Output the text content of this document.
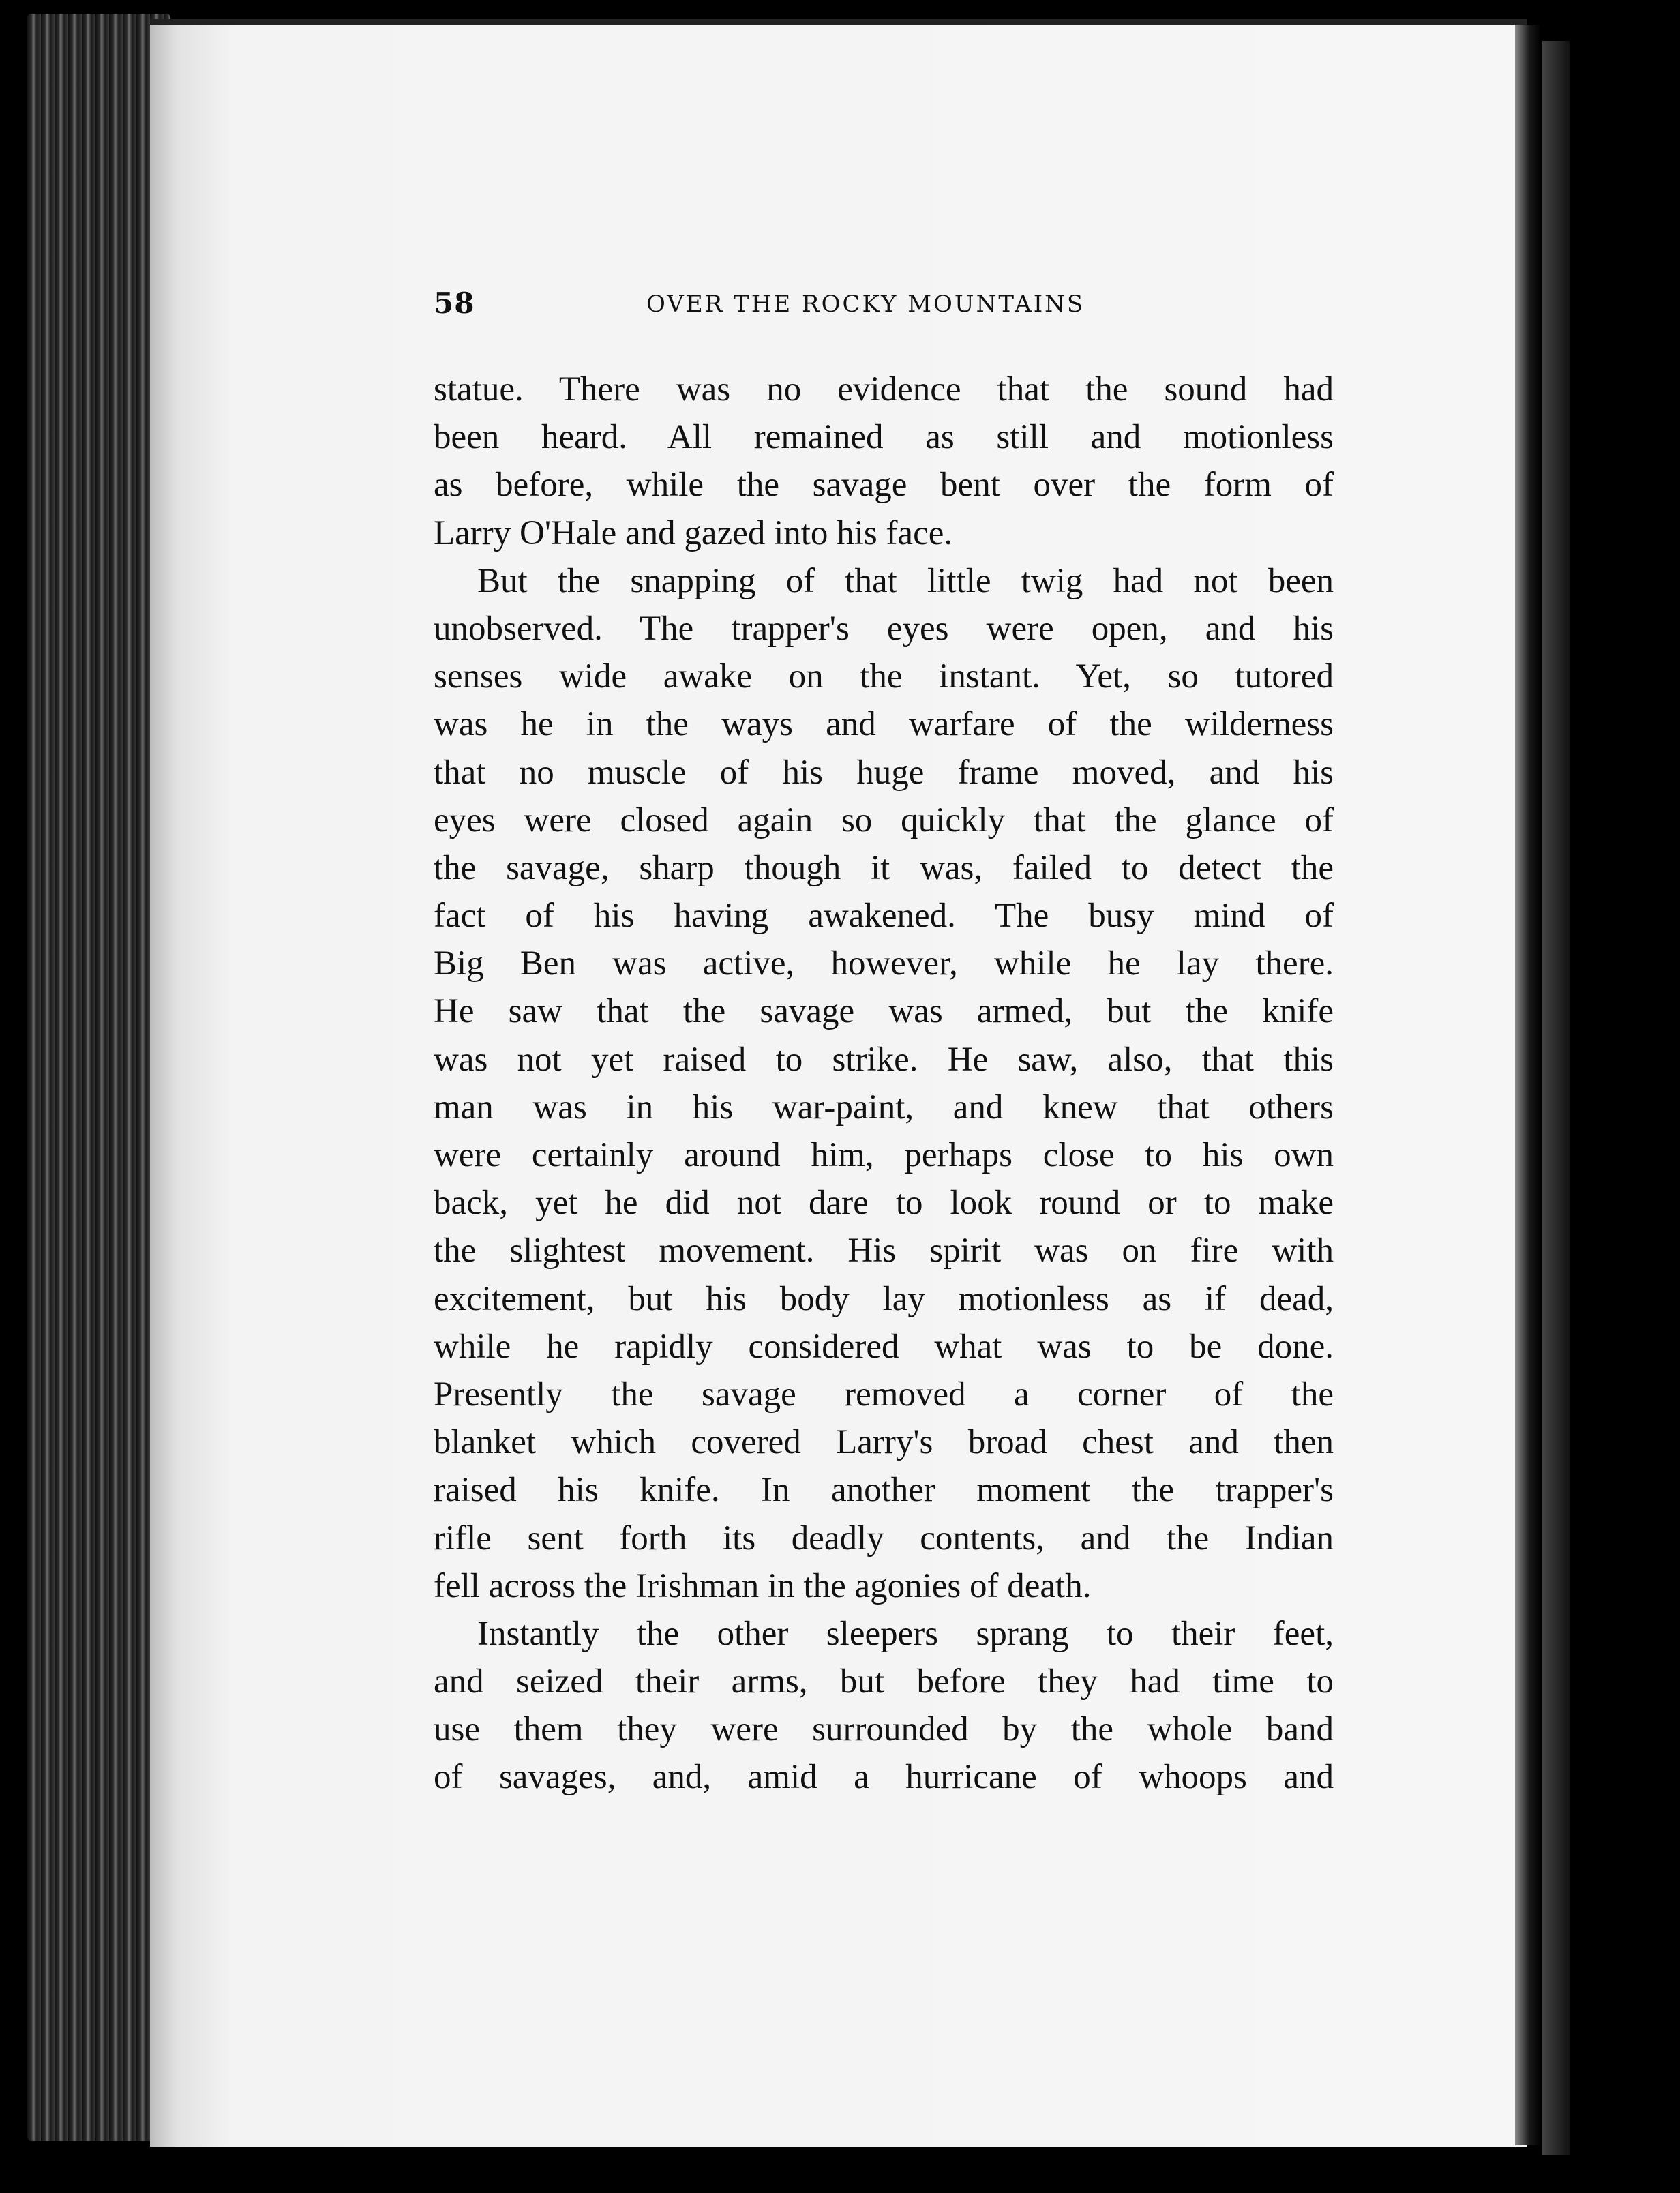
58	OVER THE ROCKY MOUNTAINS
statue. There was no evidence that the sound had
been heard. All remained as still and motionless
as before, while the savage bent over the form of
Larry O'Hale and gazed into his face.
But the snapping of that little twig had not been
unobserved. The trapper's eyes were open, and his
senses wide awake on the instant. Yet, so tutored
was he in the ways and warfare of the wilderness
that no muscle of his huge frame moved, and his
eyes were closed again so quickly that the glance of
the savage, sharp though it was, failed to detect the
fact of his having awakened. The busy mind of
Big Ben was active, however, while he lay there.
He saw that the savage was armed, but the knife
was not yet raised to strike. He saw, also, that this
man was in his war-paint, and knew that others
were certainly around him, perhaps close to his own
back, yet he did not dare to look round or to make
the slightest movement. His spirit was on fire with
excitement, but his body lay motionless as if dead,
while he rapidly considered what was to be done.
Presently the savage removed a corner of the
blanket which covered Larry's broad chest and then
raised his knife. In another moment the trapper's
rifle sent forth its deadly contents, and the Indian
fell across the Irishman in the agonies of death.
Instantly the other sleepers sprang to their feet,
and seized their arms, but before they had time to
use them they were surrounded by the whole band
of savages, and, amid a hurricane of whoops and
